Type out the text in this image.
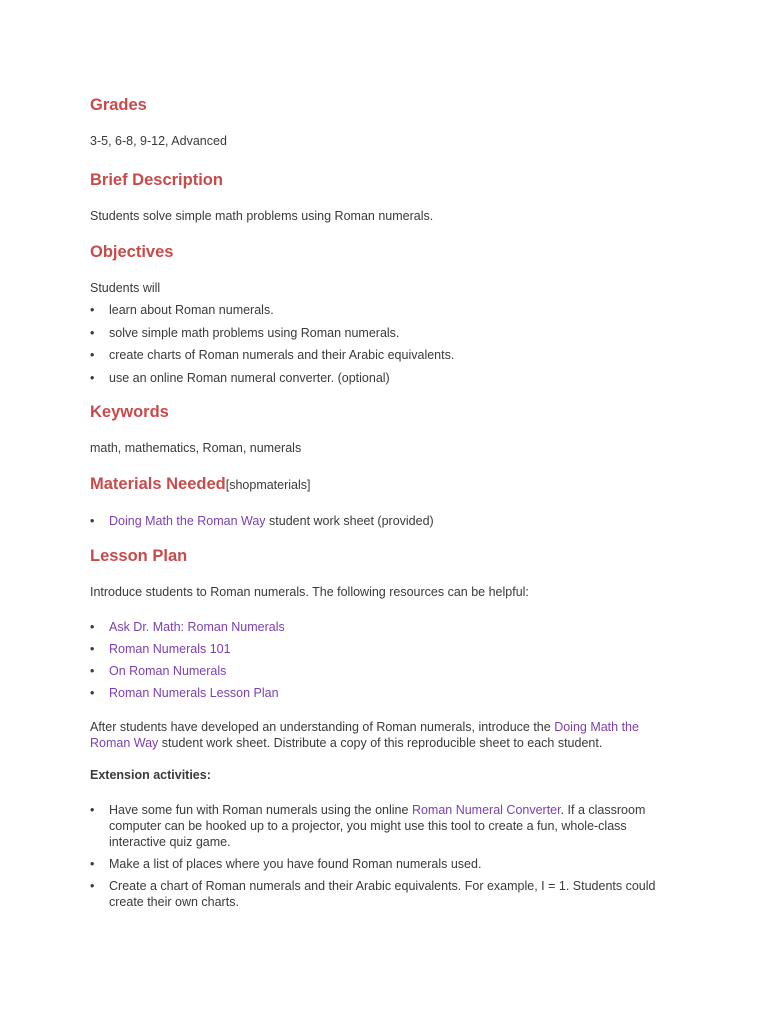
Grades

3-5, 6-8, 9-12, Advanced

Brief Description

Students solve simple math problems using Roman numerals.

Objectives

Students will

•	learn about Roman numerals.
•	solve simple math problems using Roman numerals.
•	create charts of Roman numerals and their Arabic equivalents.
•	use an online Roman numeral converter. (optional)
Keywords

math, mathematics, Roman, numerals

Materials Needed[shopmaterials]
•	Doing Math the Roman Way student work sheet (provided)
Lesson Plan

Introduce students to Roman numerals. The following resources can be helpful:

•	Ask Dr. Math: Roman Numerals
•	Roman Numerals 101
•	On Roman Numerals
•	Roman Numerals Lesson Plan

After students have developed an understanding of Roman numerals, introduce the Doing Math the Roman Way student work sheet. Distribute a copy of this reproducible sheet to each student.

Extension activities:

•	Have some fun with Roman numerals using the online Roman Numeral Converter. If a classroom computer can be hooked up to a projector, you might use this tool to create a fun, whole-class interactive quiz game.
•	Make a list of places where you have found Roman numerals used.
•	Create a chart of Roman numerals and their Arabic equivalents. For example, I = 1. Students could create their own charts.
